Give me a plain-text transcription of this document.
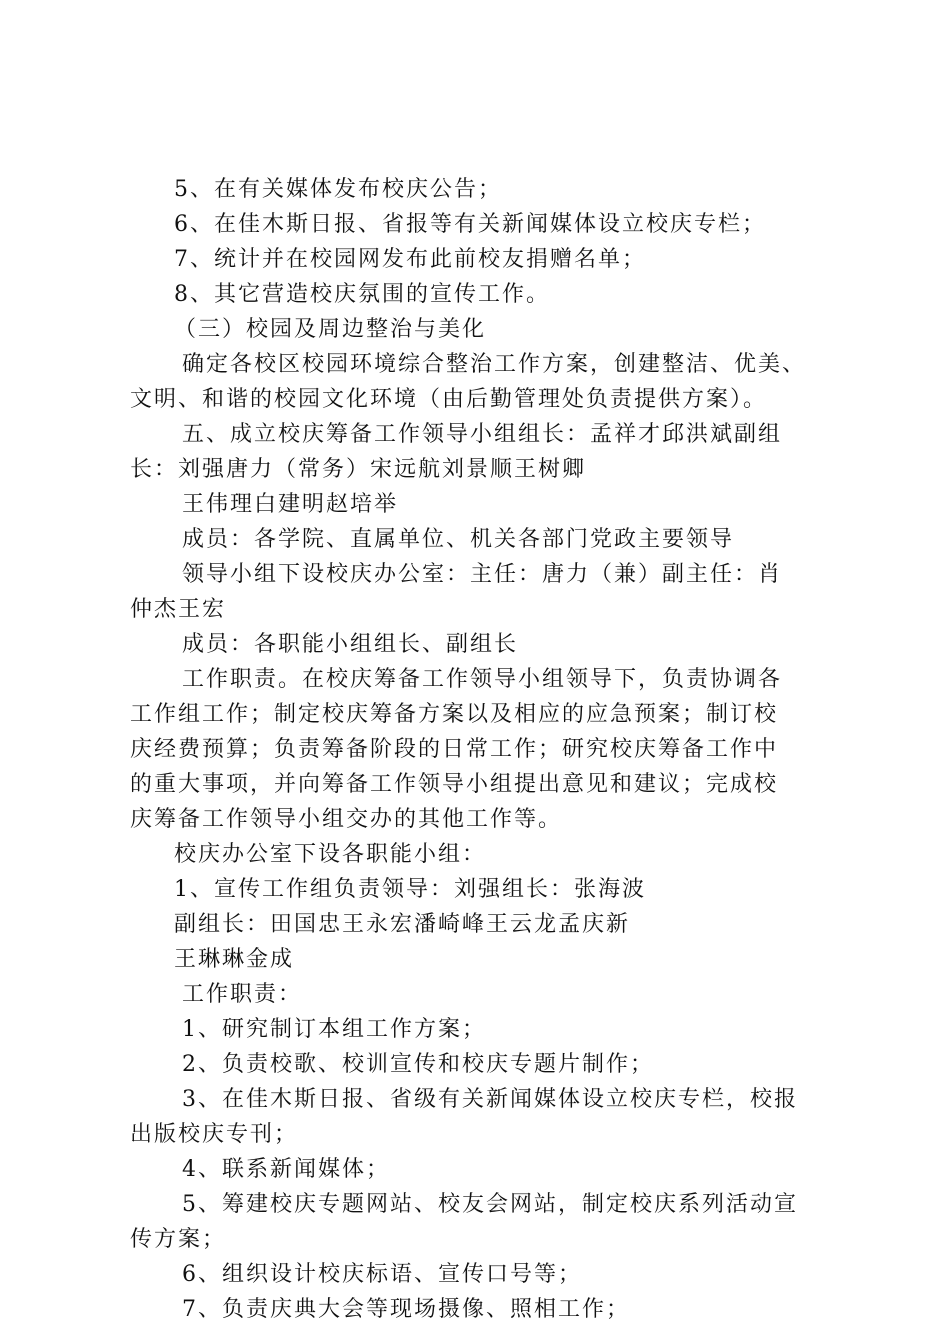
5、在有关媒体发布校庆公告；
6、在佳木斯日报、省报等有关新闻媒体设立校庆专栏；
7、统计并在校园网发布此前校友捐赠名单；
8、其它营造校庆氛围的宣传工作。
（三）校园及周边整治与美化
确定各校区校园环境综合整治工作方案，创建整洁、优美、
文明、和谐的校园文化环境（由后勤管理处负责提供方案）。
五、成立校庆筹备工作领导小组组长：孟祥才邱洪斌副组
长：刘强唐力（常务）宋远航刘景顺王树卿
王伟理白建明赵培举
成员：各学院、直属单位、机关各部门党政主要领导
领导小组下设校庆办公室：主任：唐力（兼）副主任：肖
仲杰王宏
成员：各职能小组组长、副组长
工作职责。在校庆筹备工作领导小组领导下，负责协调各
工作组工作；制定校庆筹备方案以及相应的应急预案；制订校
庆经费预算；负责筹备阶段的日常工作；研究校庆筹备工作中
的重大事项，并向筹备工作领导小组提出意见和建议；完成校
庆筹备工作领导小组交办的其他工作等。
校庆办公室下设各职能小组：
1、宣传工作组负责领导：刘强组长：张海波
副组长：田国忠王永宏潘崎峰王云龙孟庆新
王琳琳金成
工作职责：
1、研究制订本组工作方案；
2、负责校歌、校训宣传和校庆专题片制作；
3、在佳木斯日报、省级有关新闻媒体设立校庆专栏，校报
出版校庆专刊；
4、联系新闻媒体；
5、筹建校庆专题网站、校友会网站，制定校庆系列活动宣
传方案；
6、组织设计校庆标语、宣传口号等；
7、负责庆典大会等现场摄像、照相工作；
